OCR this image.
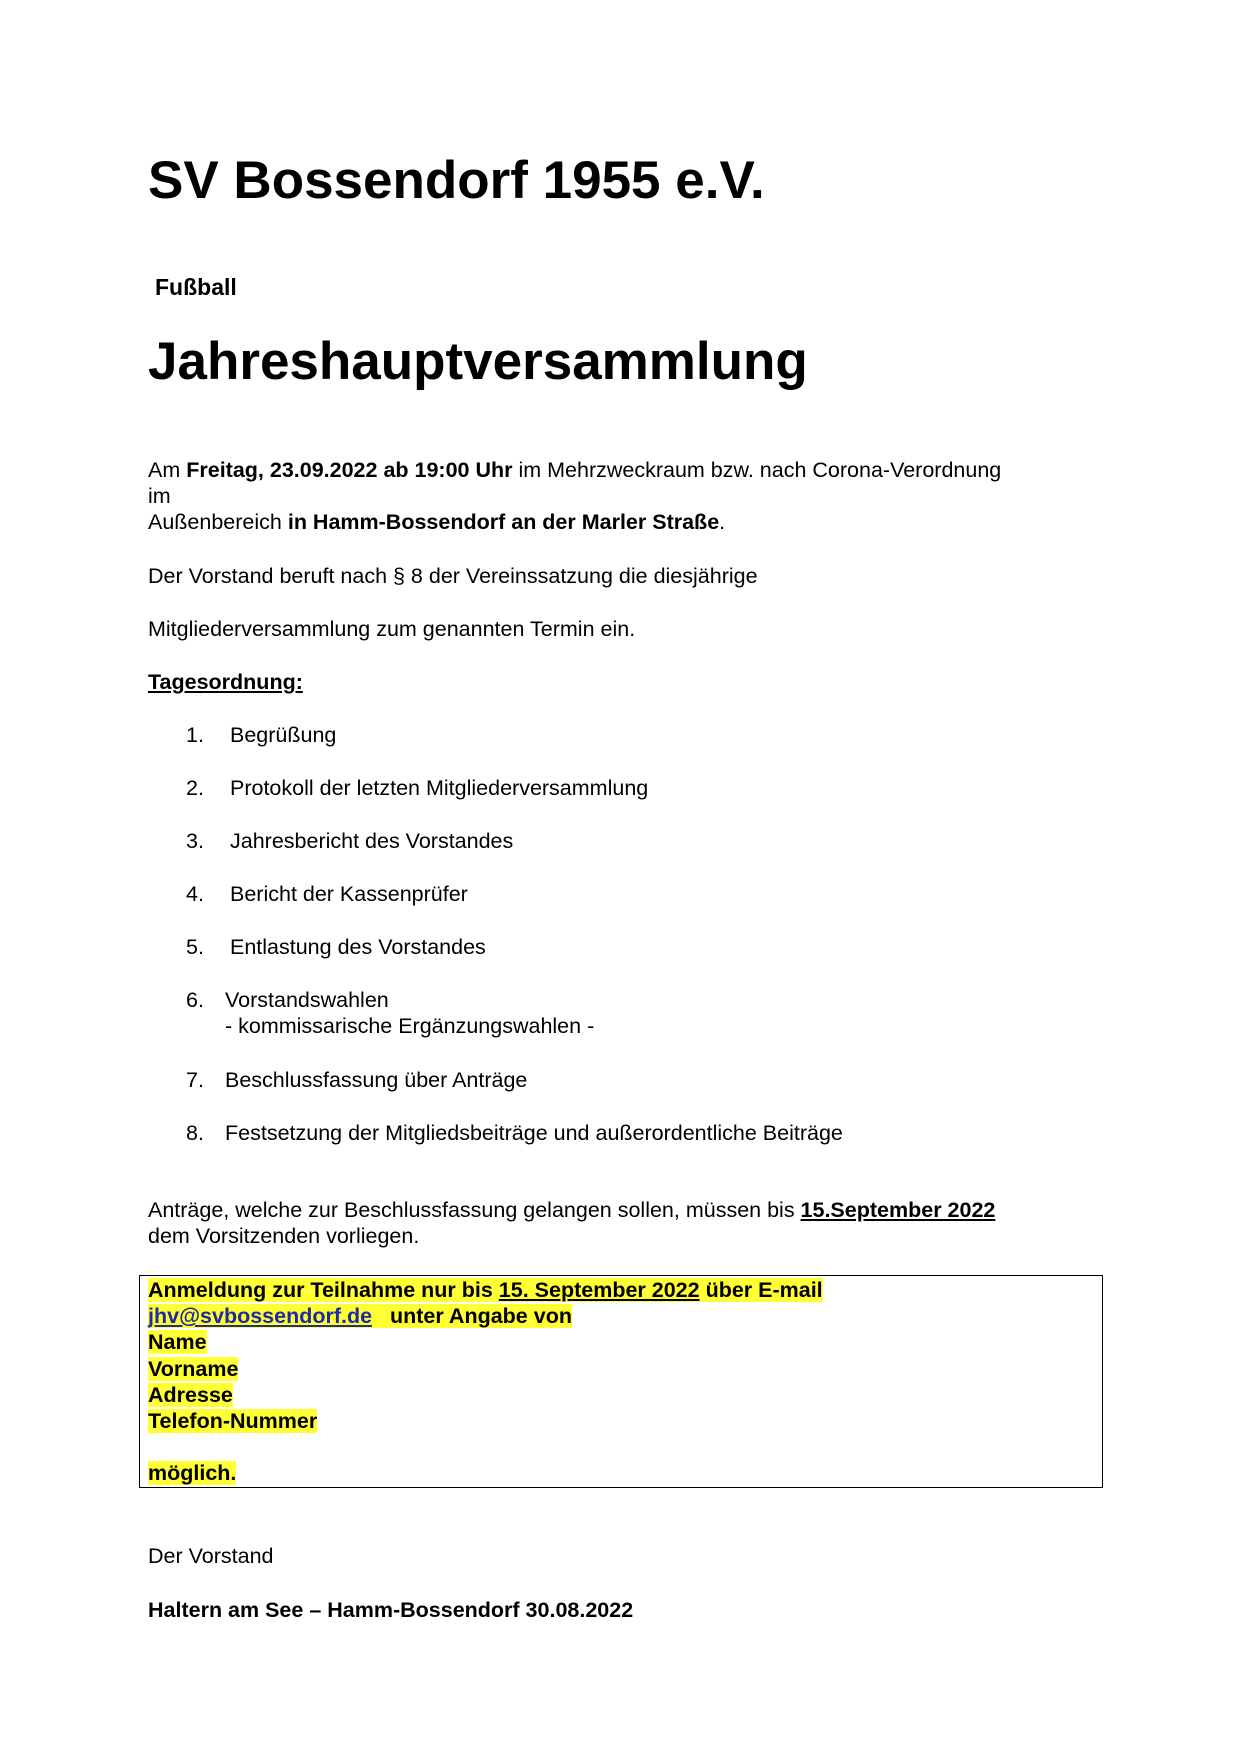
SV Bossendorf 1955 e.V.
Fußball
Jahreshauptversammlung
Am Freitag, 23.09.2022 ab 19:00 Uhr im Mehrzweckraum bzw. nach Corona-Verordnung
im
Außenbereich in Hamm-Bossendorf an der Marler Straße.
Der Vorstand beruft nach § 8 der Vereinssatzung die diesjährige
Mitgliederversammlung zum genannten Termin ein.
Tagesordnung:
1. Begrüßung
2. Protokoll der letzten Mitgliederversammlung
3. Jahresbericht des Vorstandes
4. Bericht der Kassenprüfer
5. Entlastung des Vorstandes
6. Vorstandswahlen
- kommissarische Ergänzungswahlen -
7. Beschlussfassung über Anträge
8. Festsetzung der Mitgliedsbeiträge und außerordentliche Beiträge
Anträge, welche zur Beschlussfassung gelangen sollen, müssen bis 15.September 2022
dem Vorsitzenden vorliegen.
Anmeldung zur Teilnahme nur bis 15. September 2022 über E-mail
jhv@svbossendorf.de unter Angabe von
Name
Vorname
Adresse
Telefon-Nummer
möglich.
Der Vorstand
Haltern am See – Hamm-Bossendorf 30.08.2022
